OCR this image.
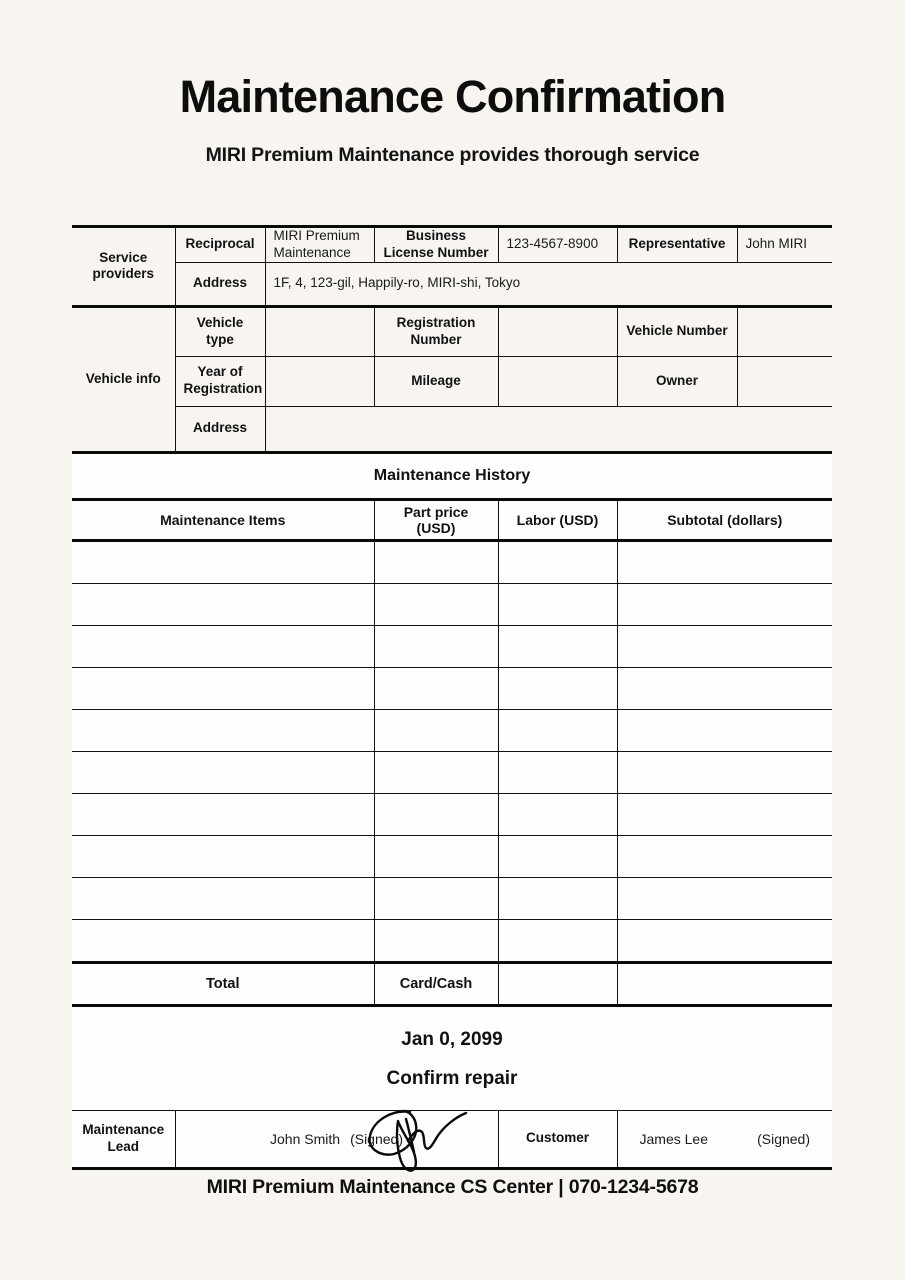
Maintenance Confirmation

MIRI Premium Maintenance provides thorough service

Service providers	Reciprocal	MIRI Premium Maintenance	Business License Number	123-4567-8900	Representative	John MIRI
	Address	1F, 4, 123-gil, Happily-ro, MIRI-shi, Tokyo				
Vehicle info	Vehicle type		Registration Number		Vehicle Number	
	Year of Registration		Mileage		Owner	
	Address					
Maintenance History			
Maintenance Items	Part price (USD)	Labor (USD)	Subtotal (dollars)

Total	Card/Cash		

Jan 0, 2099

Confirm repair

Maintenance Lead	John Smith (Signed)	Customer	James Lee	(Signed)
MIRI Premium Maintenance CS Center | 070-1234-5678
